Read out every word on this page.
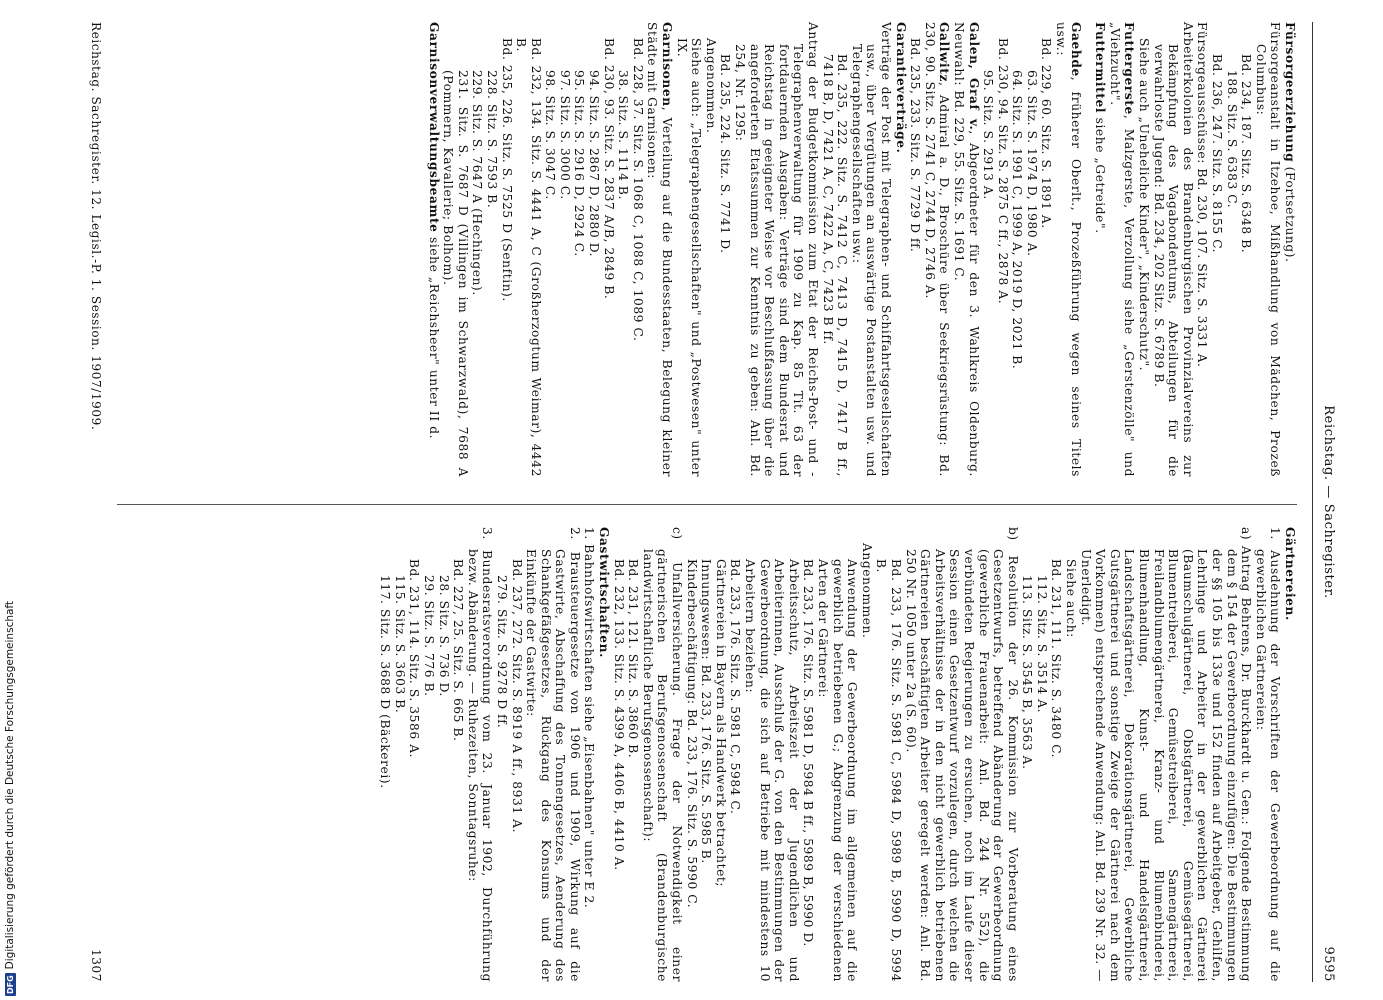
Reichstag. — Sachregister.
9595

Fürsorgeerziehung (Fortsetzung).

Fürsorgeanstalt in Itzehoe, Mißhandlung von Mädchen, Prozeß Columbus:

Bd. 234, 187. Sitz. S. 6348 B.

188. Sitz. S. 6383 C.

Bd. 236, 247. Sitz. S. 8155 C.

Fürsorgeausschüsse: Bd. 230, 107. Sitz. S. 3331 A.

Arbeiterkolonien des Brandenburgischen Provinzialvereins zur Bekämpfung des Vagabondentums, Abteilungen für die verwahrloste Jugend: Bd. 234, 202 Sitz. S. 6789 B.

Siehe auch „Uneheliche Kinder", „Kinderschutz".

Futtergerste, Malzgerste, Verzollung siehe „Gerstenzölle" und „Viehzucht".

Futtermittel siehe „Getreide".

Gaehde, früherer Oberlt., Prozeßführung wegen seines Titels usw.:

Bd. 229, 60. Sitz. S. 1891 A.

63. Sitz. S. 1974 D, 1980 A.

64. Sitz. S. 1991 C, 1999 A, 2019 D, 2021 B.

Bd. 230, 94. Sitz. S. 2875 C ff., 2878 A.

95. Sitz. S. 2913 A.

Galen, Graf v., Abgeordneter für den 3. Wahlkreis Oldenburg. Neuwahl: Bd. 229, 55. Sitz. S. 1691 C.

Gallwitz, Admiral a. D., Broschüre über Seekriegsrüstung: Bd. 230, 90. Sitz. S. 2741 C, 2744 D, 2746 A.

Bd. 235, 233. Sitz. S. 7729 D ff.

Garantieverträge.

Verträge der Post mit Telegraphen- und Schiffahrtsgesellschaften usw., über Vergütungen an auswärtige Postanstalten usw. und Telegraphengesellschaften usw.:

Bd. 235, 222. Sitz. S. 7412 C, 7413 D, 7415 D, 7417 B ff., 7418 B, D, 7421 A, C, 7422 A, C, 7423 B ff.

Antrag der Budgetkommission zum Etat der Reichs-Post- und -Telegraphenverwaltung für 1909 zu Kap. 85 Tit. 63 der fortdauernden Ausgaben: Verträge sind dem Bundesrat und Reichstag in geeigneter Weise vor Beschlußfassung über die angeforderten Etatssummen zur Kenntnis zu geben: Anl. Bd. 254, Nr. 1295:

Bd. 235, 224. Sitz. S. 7741 D.

Angenommen.

Siehe auch: „Telegraphengesellschaften" und „Postwesen" unter IX.

Garnisonen, Verteilung auf die Bundesstaaten, Belegung kleiner Städte mit Garnisonen:

Bd. 228, 37. Sitz. S. 1068 C, 1088 C, 1089 C.

38. Sitz. S. 1114 B.

Bd. 230, 93. Sitz. S. 2837 A/B, 2849 B.

94. Sitz. S. 2867 D, 2880 D.

95. Sitz. S. 2916 D, 2924 C.

97. Sitz. S. 3000 C.

98. Sitz. S. 3047 C.

Bd. 232, 134. Sitz. S. 4441 A, C (Großherzogtum Weimar), 4442 B.

Bd. 235, 226. Sitz. S. 7525 D (Senftin).

228. Sitz. S. 7593 B.

229. Sitz. S. 7647 A (Hechingen).

231. Sitz. S. 7687 D (Villingen im Schwarzwald), 7688 A (Pommern, Kavallerie; Bolhom).

Garnisonverwaltungsbeamte siehe „Reichsheer" unter II d.

Gärtnereien.

1. Ausdehnung der Vorschriften der Gewerbeordnung auf die gewerblichen Gärtnereien:

a) Antrag Behrens, Dr. Burckhardt u. Gen.: Folgende Bestimmung dem § 154 der Gewerbeordnung einzufügen: Die Bestimmungen der §§ 105 bis 133e und 152 finden auf Arbeitgeber, Gehilfen, Lehrlinge und Arbeiter in der gewerblichen Gärtnerei (Baumschulgärtnerei, Obstgärtnerei, Gemüsegärtnerei, Blumentreiberei, Gemüsetreiberei, Samengärtnerei, Freilandblumengärtnerei, Kranz- und Blumenbinderei, Blumenhandlung, Kunst- und Handelsgärtnerei, Landschaftsgärtnerei, Dekorationsgärtnerei, Gewerbliche Gutsgärtnerei und sonstige Zweige der Gärtnerei nach dem Vorkommen) entsprechende Anwendung: Anl. Bd. 239 Nr. 32. — Unerledigt.

Siehe auch:

Bd. 231, 111. Sitz. S. 3480 C.

112. Sitz. S. 3514 A.

113. Sitz. S. 3545 B, 3563 A.

b) Resolution der 26. Kommission zur Vorberatung eines Gesetzentwurfs, betreffend Abänderung der Gewerbeordnung (gewerbliche Frauenarbeit: Anl. Bd. 244 Nr. 552), die verbündeten Regierungen zu ersuchen, noch im Laufe dieser Session einen Gesetzentwurf vorzulegen, durch welchen die Arbeitsverhältnisse der in den nicht gewerblich betriebenen Gärtnereien beschäftigten Arbeiter geregelt werden: Anl. Bd. 250 Nr. 1050 unter 2a (S. 60).

Bd. 233, 176. Sitz. S. 5981 C, 5984 D, 5989 B, 5990 D, 5994 B.

Angenommen.

Anwendung der Gewerbeordnung im allgemeinen auf die gewerblich betriebenen G.; Abgrenzung der verschiedenen Arten der Gärtnerei:

Bd. 233, 176. Sitz. S. 5981 D, 5984 B ff., 5989 B, 5990 D.

Arbeitsschutz, Arbeitszeit der Jugendlichen und Arbeiterinnen, Ausschluß der G. von den Bestimmungen der Gewerbeordnung, die sich auf Betriebe mit mindestens 10 Arbeitern beziehen:

Bd. 233, 176. Sitz. S. 5981 C, 5984 C.

Gärtnereien in Bayern als Handwerk betrachtet;

Innungswesen: Bd. 233, 176. Sitz. S. 5985 B.

Kinderbeschäftigung: Bd. 233, 176. Sitz. S. 5990 C.

c) Unfallversicherung. Frage der Notwendigkeit einer gärtnerischen Berufsgenossenschaft (Brandenburgische landwirtschaftliche Berufsgenossenschaft):

Bd. 231, 121. Sitz. S. 3860 B.

Bd. 232, 133. Sitz. S. 4399 A, 4406 B, 4410 A.

Gastwirtschaften.

1. Bahnhofswirtschaften siehe „Eisenbahnen" unter E 2.

2. Brausteuergesetze von 1906 und 1909, Wirkung auf die Gastwirte, Abschaffung des Tonnengesetzes, Aenderung des Schankgefäßgesetzes, Rückgang des Konsums und der Einkünfte der Gastwirte:

Bd. 237, 272. Sitz. S. 8919 A ff., 8931 A.

279. Sitz. S. 9278 D ff.

3. Bundesratsverordnung vom 23. Januar 1902, Durchführung bezw. Abänderung. — Ruhezeiten, Sonntagsruhe:

Bd. 227, 25. Sitz. S. 665 B.

28. Sitz. S. 736 D.

29. Sitz. S. 776 B.

Bd. 231, 114. Sitz. S. 3586 A.

115. Sitz. S. 3603 B.

117. Sitz. S. 3688 D (Bäckerei).

Reichstag. Sachregister. 12. Legisl.-P. 1. Session. 1907/1909.
1307
DFG
Digitalisierung gefördert durch die Deutsche Forschungsgemeinschaft
